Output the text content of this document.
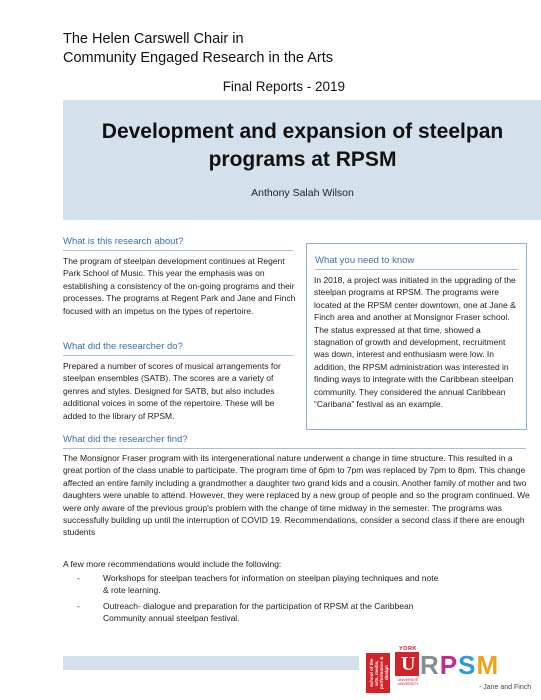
The Helen Carswell Chair in
Community Engaged Research in the Arts
Final Reports - 2019
Development and expansion of steelpan
programs at RPSM
Anthony Salah Wilson
What is this research about?
The program of steelpan development continues at Regent Park School of Music. This year the emphasis was on establishing a consistency of the on-going programs and their processes. The programs at Regent Park and Jane and Finch focused with an impetus on the types of repertoire.
What did the researcher do?
Prepared a number of scores of musical arrangements for steelpan ensembles (SATB). The scores are a variety of genres and styles. Designed for SATB, but also includes additional voices in some of the repertoire. These will be added to the library of RPSM.
What you need to know
In 2018, a project was initiated in the upgrading of the steelpan programs at RPSM. The programs were located at the RPSM center downtown, one at Jane & Finch area and another at Monsignor Fraser school. The status expressed at that time, showed a stagnation of growth and development, recruitment was down, interest and enthusiasm were low. In addition, the RPSM administration was interested in finding ways to integrate with the Caribbean steelpan community. They considered the annual Caribbean “Caribana” festival as an example.
What did the researcher find?
The Monsignor Fraser program with its intergenerational nature underwent a change in time structure. This resulted in a great portion of the class unable to participate. The program time of 6pm to 7pm was replaced by 7pm to 8pm. This change affected an entire family including a grandmother a daughter two grand kids and a cousin. Another family of mother and two daughters were unable to attend. However, they were replaced by a new group of people and so the program continued. We were only aware of the previous group's problem with the change of time midway in the semester. The programs was successfully building up until the interruption of COVID 19. Recommendations, consider a second class if there are enough students
A few more recommendations would include the following:
-	Workshops for steelpan teachers for information on steelpan playing techniques and note & rote learning.
-	Outreach- dialogue and preparation for the participation of RPSM at the Caribbean Community annual steelpan festival.
school of the arts, media, performance & design
YORK
U
UNIVERSITÉ UNIVERSITY
RPSM
- Jane and Finch
